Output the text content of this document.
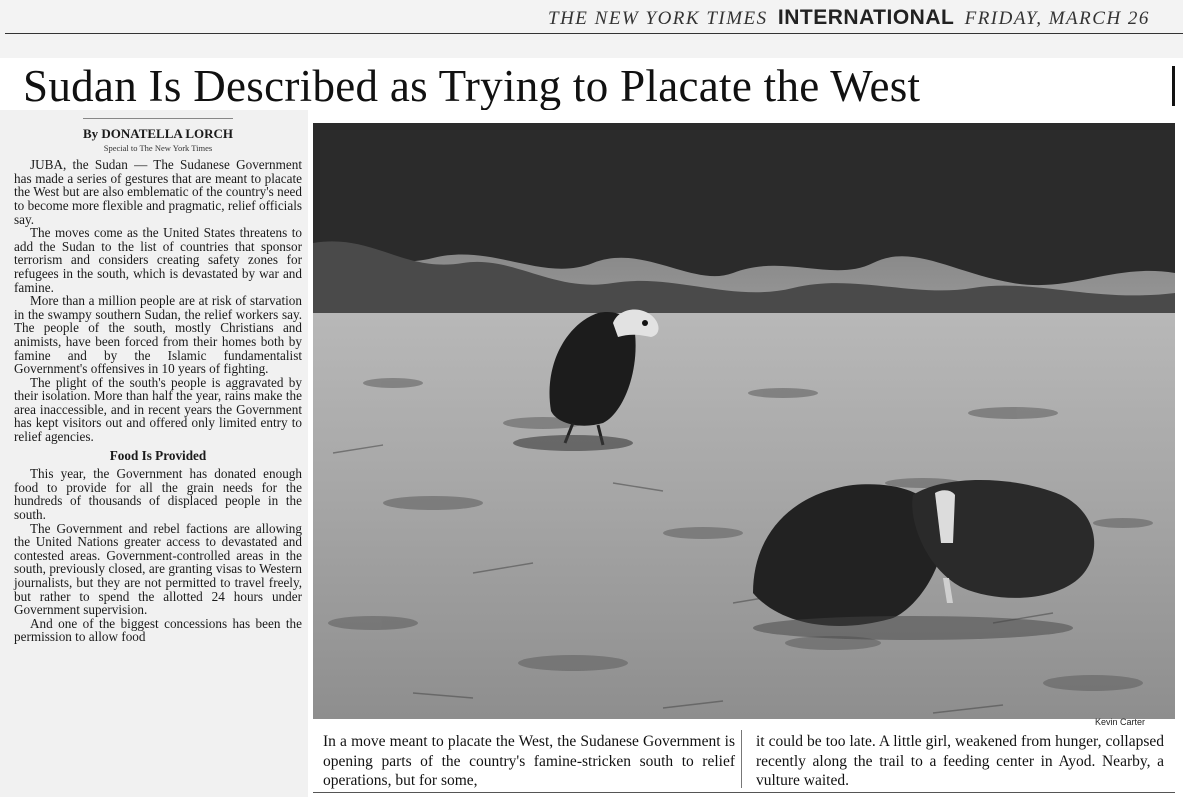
THE NEW YORK TIMES INTERNATIONAL FRIDAY, MARCH 26
Sudan Is Described as Trying to Placate the West

By DONATELLA LORCH

Special to The New York Times

JUBA, the Sudan — The Sudanese Government has made a series of gestures that are meant to placate the West but are also emblematic of the country's need to become more flexible and pragmatic, relief officials say.

The moves come as the United States threatens to add the Sudan to the list of countries that sponsor terrorism and considers creating safety zones for refugees in the south, which is devastated by war and famine.

More than a million people are at risk of starvation in the swampy southern Sudan, the relief workers say. The people of the south, mostly Christians and animists, have been forced from their homes both by famine and by the Islamic fundamentalist Government's offensives in 10 years of fighting.

The plight of the south's people is aggravated by their isolation. More than half the year, rains make the area inaccessible, and in recent years the Government has kept visitors out and offered only limited entry to relief agencies.

Food Is Provided

This year, the Government has donated enough food to provide for all the grain needs for the hundreds of thousands of displaced people in the south.

The Government and rebel factions are allowing the United Nations greater access to devastated and contested areas. Government-controlled areas in the south, previously closed, are granting visas to Western journalists, but they are not permitted to travel freely, but rather to spend the allotted 24 hours under Government supervision.

And one of the biggest concessions has been the permission to allow food

Kevin Carter
In a move meant to placate the West, the Sudanese Government is opening parts of the country's famine-stricken south to relief operations, but for some,
it could be too late. A little girl, weakened from hunger, collapsed recently along the trail to a feeding center in Ayod. Nearby, a vulture waited.
